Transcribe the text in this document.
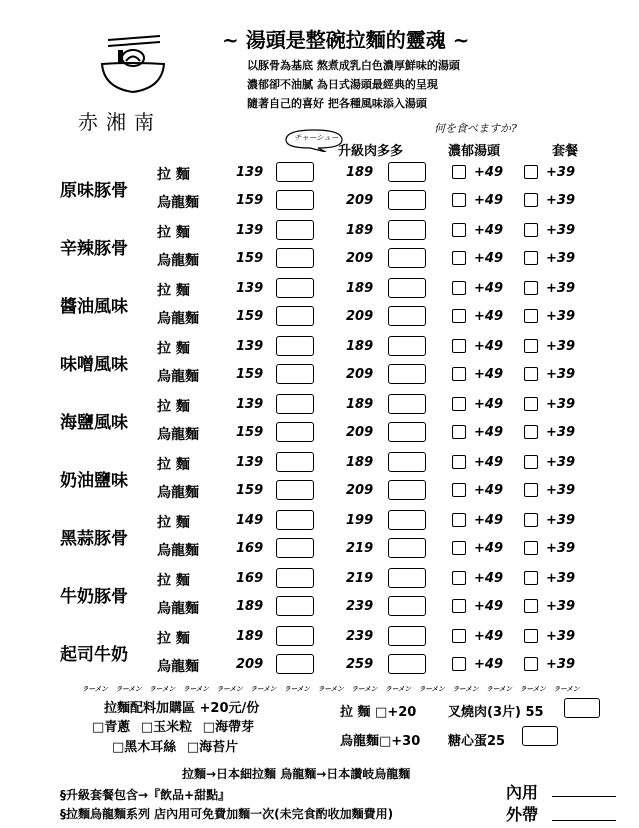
赤湘南
~ 湯頭是整碗拉麵的靈魂 ~
以豚骨為基底 熬煮成乳白色濃厚鮮味的湯頭
濃郁卻不油膩 為日式湯頭最經典的呈現
隨著自己的喜好 把各種風味添入湯頭
何を食べますか?
チャーシュー
升級肉多多	濃郁湯頭	套餐
原味豚骨
拉 麵	139	189	+49	+39
烏龍麵	159	209	+49	+39
辛辣豚骨
拉 麵	139	189	+49	+39
烏龍麵	159	209	+49	+39
醬油風味
拉 麵	139	189	+49	+39
烏龍麵	159	209	+49	+39
味噌風味
拉 麵	139	189	+49	+39
烏龍麵	159	209	+49	+39
海鹽風味
拉 麵	139	189	+49	+39
烏龍麵	159	209	+49	+39
奶油鹽味
拉 麵	139	189	+49	+39
烏龍麵	159	209	+49	+39
黑蒜豚骨
拉 麵	149	199	+49	+39
烏龍麵	169	219	+49	+39
牛奶豚骨
拉 麵	169	219	+49	+39
烏龍麵	189	239	+49	+39
起司牛奶
拉 麵	189	239	+49	+39
烏龍麵	209	259	+49	+39
ラーメン ラーメン ラーメン ラーメン ラーメン ラーメン ラーメン ラーメン ラーメン ラーメン ラーメン ラーメン ラーメン ラーメン ラーメン
拉麵配料加購區 +20元/份
□青蔥 □玉米粒 □海帶芽
□黑木耳絲 □海苔片
拉 麵 □+20
烏龍麵□+30
叉燒肉(3片) 55
糖心蛋25
拉麵→日本細拉麵 烏龍麵→日本讚岐烏龍麵
§升級套餐包含→『飲品+甜點』
§拉麵烏龍麵系列 店內用可免費加麵一次(未完食酌收加麵費用)
內用
外帶
